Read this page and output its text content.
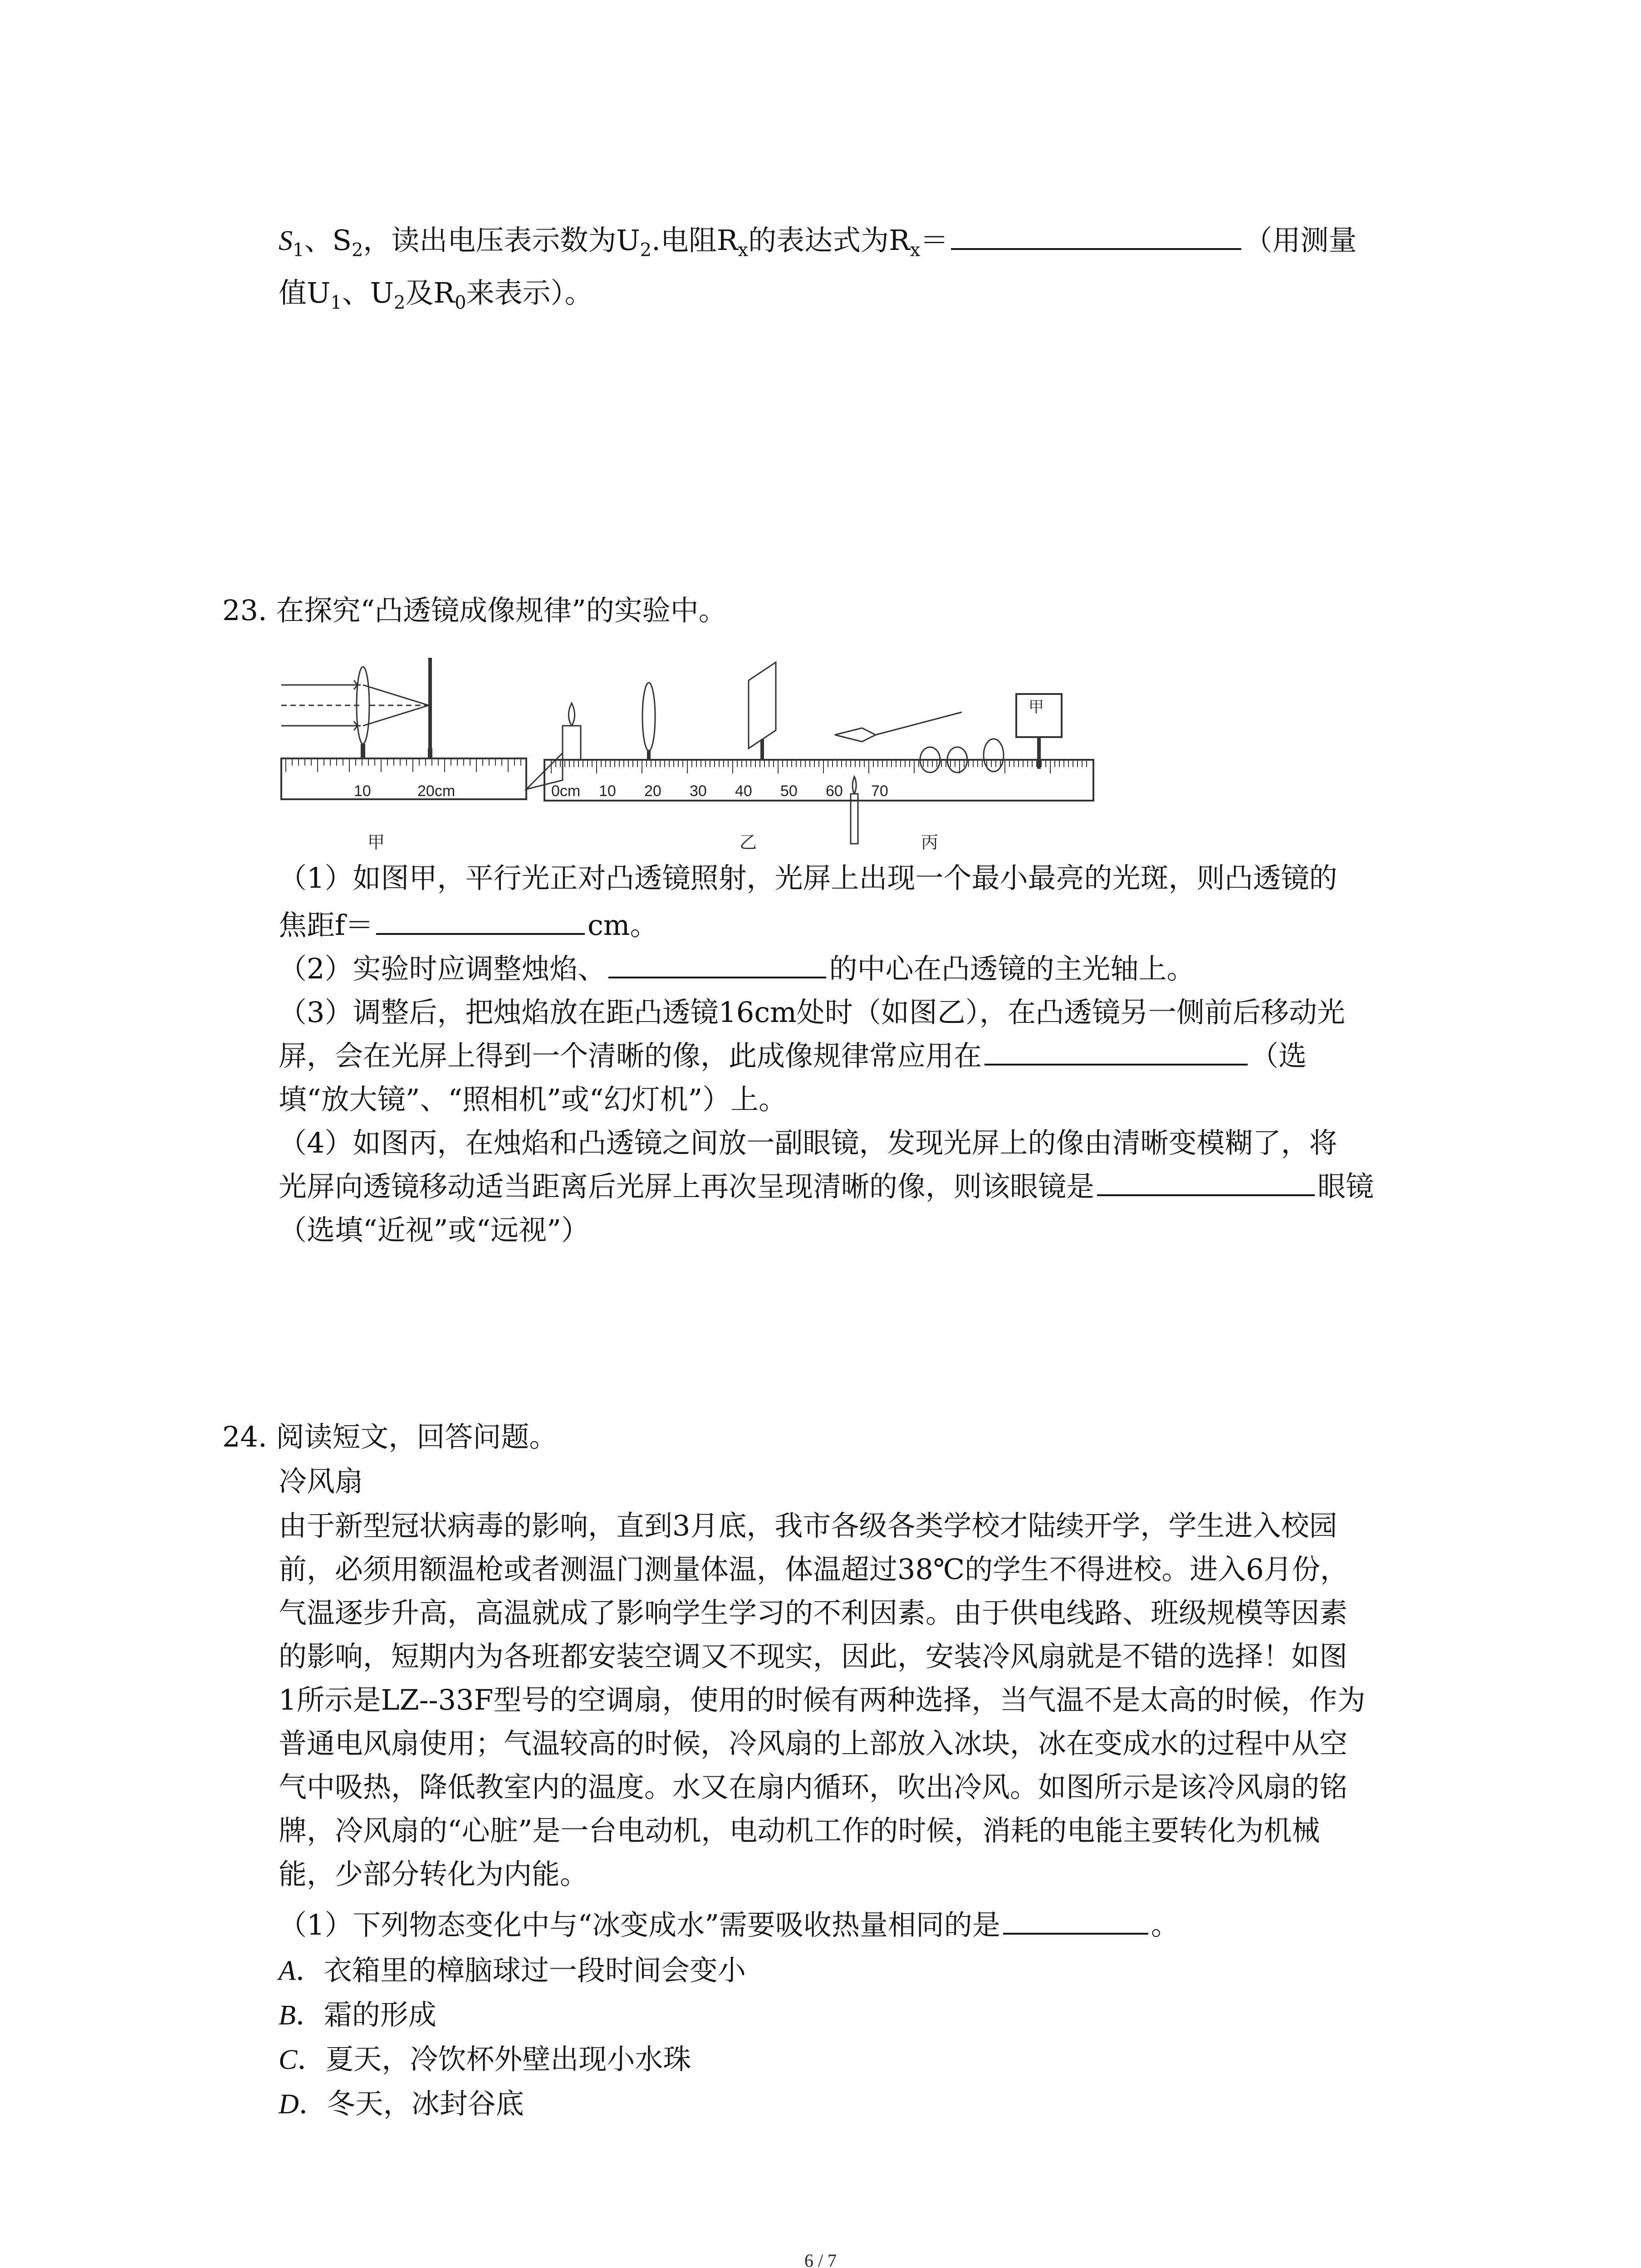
$S_1$、$S_2$，读出电压表示数为$U_2$.电阻$R_x$的表达式为$R_x=$	（用测量
值$U_1$、$U_2$及$R_0$来表示）。
23. 在探究“凸透镜成像规律”的实验中。
10	20cm	0cm 10 20 30 40 50 60 70
甲
甲	乙	丙
（1）如图甲，平行光正对凸透镜照射，光屏上出现一个最小最亮的光斑，则凸透镜的
焦距f＝	cm。
（2）实验时应调整烛焰、	的中心在凸透镜的主光轴上。
（3）调整后，把烛焰放在距凸透镜16cm处时（如图乙），在凸透镜另一侧前后移动光
屏，会在光屏上得到一个清晰的像，此成像规律常应用在	（选
填“放大镜”、“照相机”或“幻灯机”）上。
（4）如图丙，在烛焰和凸透镜之间放一副眼镜，发现光屏上的像由清晰变模糊了，将
光屏向透镜移动适当距离后光屏上再次呈现清晰的像，则该眼镜是	眼镜
（选填“近视”或“远视”）
24. 阅读短文，回答问题。
冷风扇
由于新型冠状病毒的影响，直到3月底，我市各级各类学校才陆续开学，学生进入校园
前，必须用额温枪或者测温门测量体温，体温超过38℃的学生不得进校。进入6月份，
气温逐步升高，高温就成了影响学生学习的不利因素。由于供电线路、班级规模等因素
的影响，短期内为各班都安装空调又不现实，因此，安装冷风扇就是不错的选择！如图
1所示是LZ--33F型号的空调扇，使用的时候有两种选择，当气温不是太高的时候，作为
普通电风扇使用；气温较高的时候，冷风扇的上部放入冰块，冰在变成水的过程中从空
气中吸热，降低教室内的温度。水又在扇内循环，吹出冷风。如图所示是该冷风扇的铭
牌，冷风扇的“心脏”是一台电动机，电动机工作的时候，消耗的电能主要转化为机械
能，少部分转化为内能。
（1）下列物态变化中与“冰变成水”需要吸收热量相同的是	。
A．衣箱里的樟脑球过一段时间会变小
B．霜的形成
C．夏天，冷饮杯外壁出现小水珠
D．冬天，冰封谷底
6 / 7
